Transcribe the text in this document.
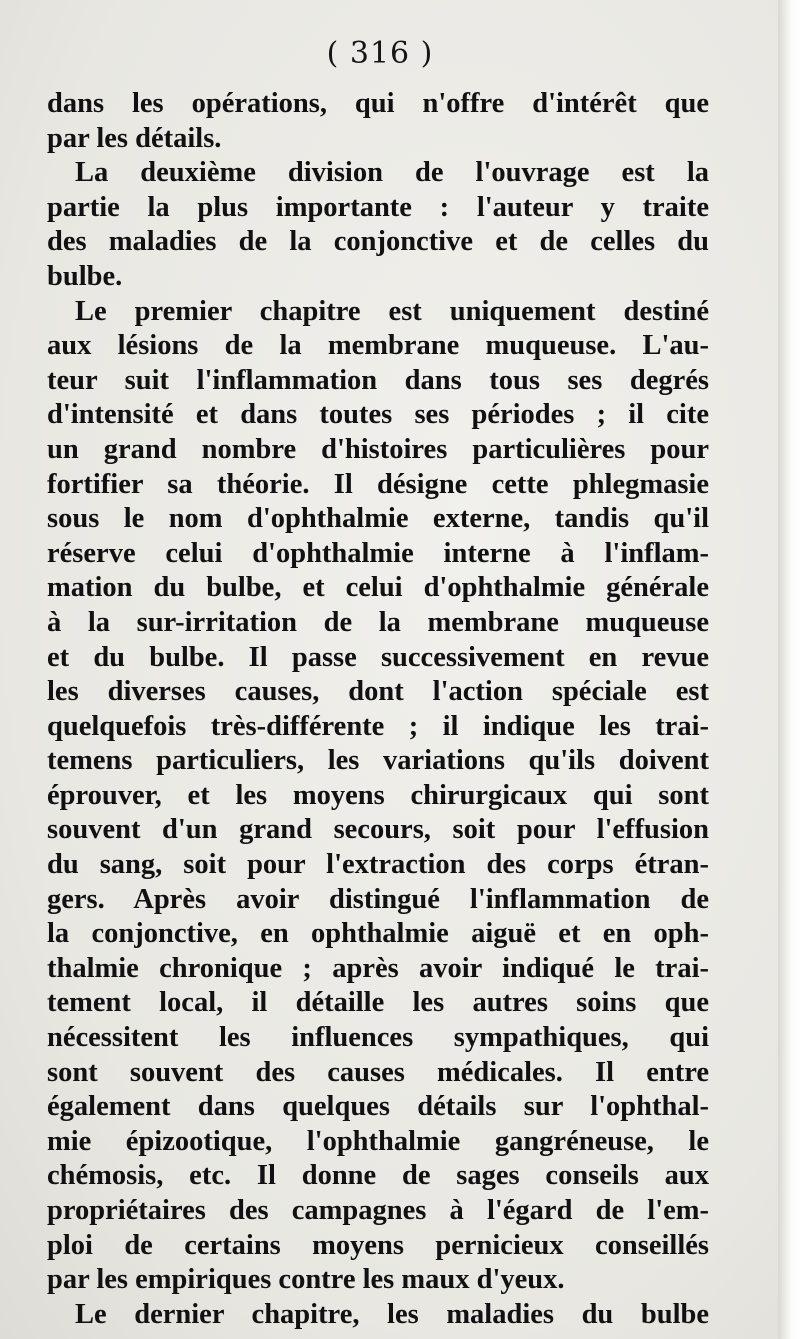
( 316 )
dans les opérations, qui n'offre d'intérêt que
par les détails.
La deuxième division de l'ouvrage est la
partie la plus importante : l'auteur y traite
des maladies de la conjonctive et de celles du
bulbe.
Le premier chapitre est uniquement destiné
aux lésions de la membrane muqueuse. L'au-
teur suit l'inflammation dans tous ses degrés
d'intensité et dans toutes ses périodes ; il cite
un grand nombre d'histoires particulières pour
fortifier sa théorie. Il désigne cette phlegmasie
sous le nom d'ophthalmie externe, tandis qu'il
réserve celui d'ophthalmie interne à l'inflam-
mation du bulbe, et celui d'ophthalmie générale
à la sur-irritation de la membrane muqueuse
et du bulbe. Il passe successivement en revue
les diverses causes, dont l'action spéciale est
quelquefois très-différente ; il indique les trai-
temens particuliers, les variations qu'ils doivent
éprouver, et les moyens chirurgicaux qui sont
souvent d'un grand secours, soit pour l'effusion
du sang, soit pour l'extraction des corps étran-
gers. Après avoir distingué l'inflammation de
la conjonctive, en ophthalmie aiguë et en oph-
thalmie chronique ; après avoir indiqué le trai-
tement local, il détaille les autres soins que
nécessitent les influences sympathiques, qui
sont souvent des causes médicales. Il entre
également dans quelques détails sur l'ophthal-
mie épizootique, l'ophthalmie gangréneuse, le
chémosis, etc. Il donne de sages conseils aux
propriétaires des campagnes à l'égard de l'em-
ploi de certains moyens pernicieux conseillés
par les empiriques contre les maux d'yeux.
Le dernier chapitre, les maladies du bulbe
